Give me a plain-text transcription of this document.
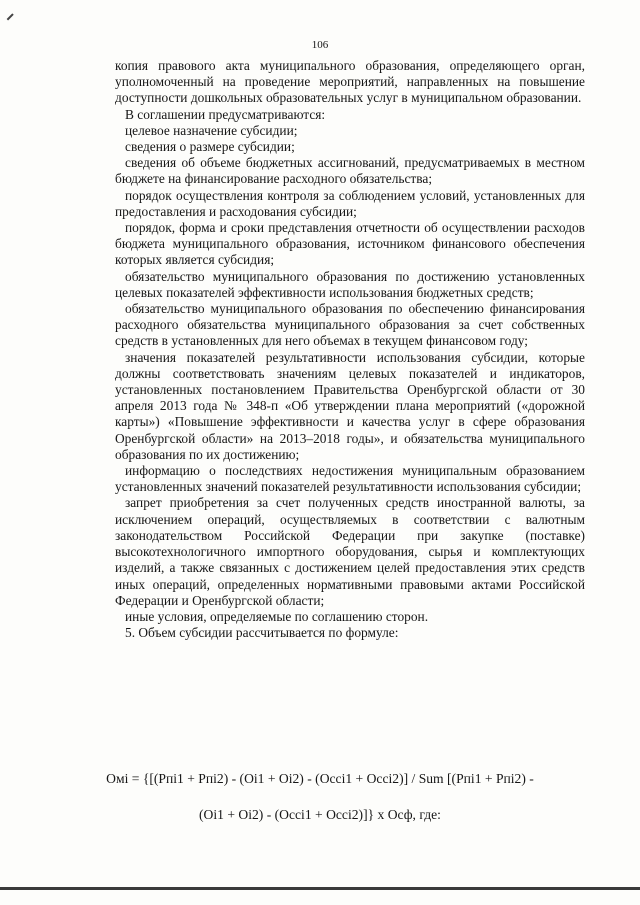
106

копия правового акта муниципального образования, определяющего орган, уполномоченный на проведение мероприятий, направленных на повышение доступности дошкольных образовательных услуг в муниципальном образовании.

В соглашении предусматриваются:

целевое назначение субсидии;

сведения о размере субсидии;

сведения об объеме бюджетных ассигнований, предусматриваемых в местном бюджете на финансирование расходного обязательства;

порядок осуществления контроля за соблюдением условий, установленных для предоставления и расходования субсидии;

порядок, форма и сроки представления отчетности об осуществлении расходов бюджета муниципального образования, источником финансового обеспечения которых является субсидия;

обязательство муниципального образования по достижению установленных целевых показателей эффективности использования бюджетных средств;

обязательство муниципального образования по обеспечению финансирования расходного обязательства муниципального образования за счет собственных средств в установленных для него объемах в текущем финансовом году;

значения показателей результативности использования субсидии, которые должны соответствовать значениям целевых показателей и индикаторов, установленных постановлением Правительства Оренбургской области от 30 апреля 2013 года № 348-п «Об утверждении плана мероприятий («дорожной карты») «Повышение эффективности и качества услуг в сфере образования Оренбургской области» на 2013–2018 годы», и обязательства муниципального образования по их достижению;

информацию о последствиях недостижения муниципальным образованием установленных значений показателей результативности использования субсидии;

запрет приобретения за счет полученных средств иностранной валюты, за исключением операций, осуществляемых в соответствии с валютным законодательством Российской Федерации при закупке (поставке) высокотехнологичного импортного оборудования, сырья и комплектующих изделий, а также связанных с достижением целей предоставления этих средств иных операций, определенных нормативными правовыми актами Российской Федерации и Оренбургской области;

иные условия, определяемые по соглашению сторон.

5. Объем субсидии рассчитывается по формуле:

Омi = {[(Рпi1 + Рпi2) - (Оi1 + Оi2) - (Осci1 + Осci2)] / Sum [(Рпi1 + Рпi2) -
(Оi1 + Оi2) - (Осci1 + Осci2)]} х Осф, где:
